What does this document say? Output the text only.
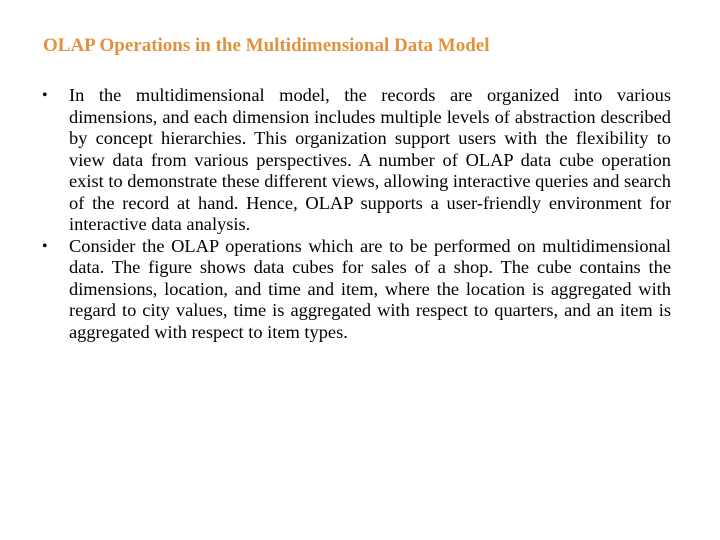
OLAP Operations in the Multidimensional Data Model
•	In the multidimensional model, the records are organized into various dimensions, and each dimension includes multiple levels of abstraction described by concept hierarchies. This organization support users with the flexibility to view data from various perspectives. A number of OLAP data cube operation exist to demonstrate these different views, allowing interactive queries and search of the record at hand. Hence, OLAP supports a user-friendly environment for interactive data analysis.
•	Consider the OLAP operations which are to be performed on multidimensional data. The figure shows data cubes for sales of a shop. The cube contains the dimensions, location, and time and item, where the location is aggregated with regard to city values, time is aggregated with respect to quarters, and an item is aggregated with respect to item types.
